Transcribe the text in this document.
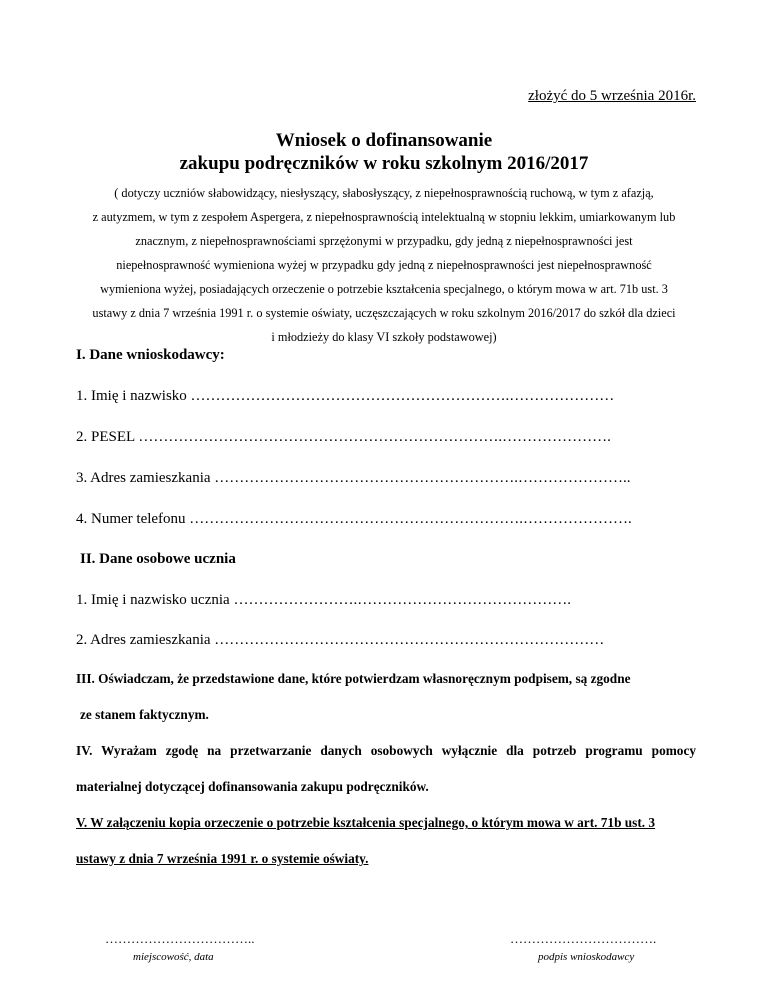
złożyć do 5 września 2016r.
Wniosek o dofinansowanie
zakupu podręczników w roku szkolnym 2016/2017
( dotyczy uczniów słabowidzący, niesłyszący, słabosłyszący, z niepełnosprawnością ruchową, w tym z afazją,
z autyzmem, w tym z zespołem Aspergera, z niepełnosprawnością intelektualną w stopniu lekkim, umiarkowanym lub
znacznym, z niepełnosprawnościami sprzężonymi w przypadku, gdy jedną z niepełnosprawności jest
niepełnosprawność wymieniona wyżej w przypadku gdy jedną z niepełnosprawności jest niepełnosprawność
wymieniona wyżej, posiadających orzeczenie o potrzebie kształcenia specjalnego, o którym mowa w art. 71b ust. 3
ustawy z dnia 7 września 1991 r. o systemie oświaty, uczęszczających w roku szkolnym 2016/2017 do szkół dla dzieci
i młodzieży do klasy VI szkoły podstawowej)
I. Dane wnioskodawcy:
1. Imię i nazwisko ……………………………………………………….…………………
2. PESEL ……………………………………………………………….………………….
3. Adres zamieszkania …………………………………………………….…………………..
4. Numer telefonu ………………………………………………………….………………….
II. Dane osobowe ucznia
1. Imię i nazwisko ucznia …………………….…………………………………….
2. Adres zamieszkania ……………………………………………………………………
III. Oświadczam, że przedstawione dane, które potwierdzam własnoręcznym podpisem, są zgodne
ze stanem faktycznym.
IV. Wyrażam zgodę na przetwarzanie danych osobowych wyłącznie dla potrzeb programu pomocy
materialnej dotyczącej dofinansowania zakupu podręczników.
V. W załączeniu kopia orzeczenie o potrzebie kształcenia specjalnego, o którym mowa w art. 71b ust. 3
ustawy z dnia 7 września 1991 r. o systemie oświaty.
……………………………..
miejscowość, data
…………………………….
podpis wnioskodawcy
